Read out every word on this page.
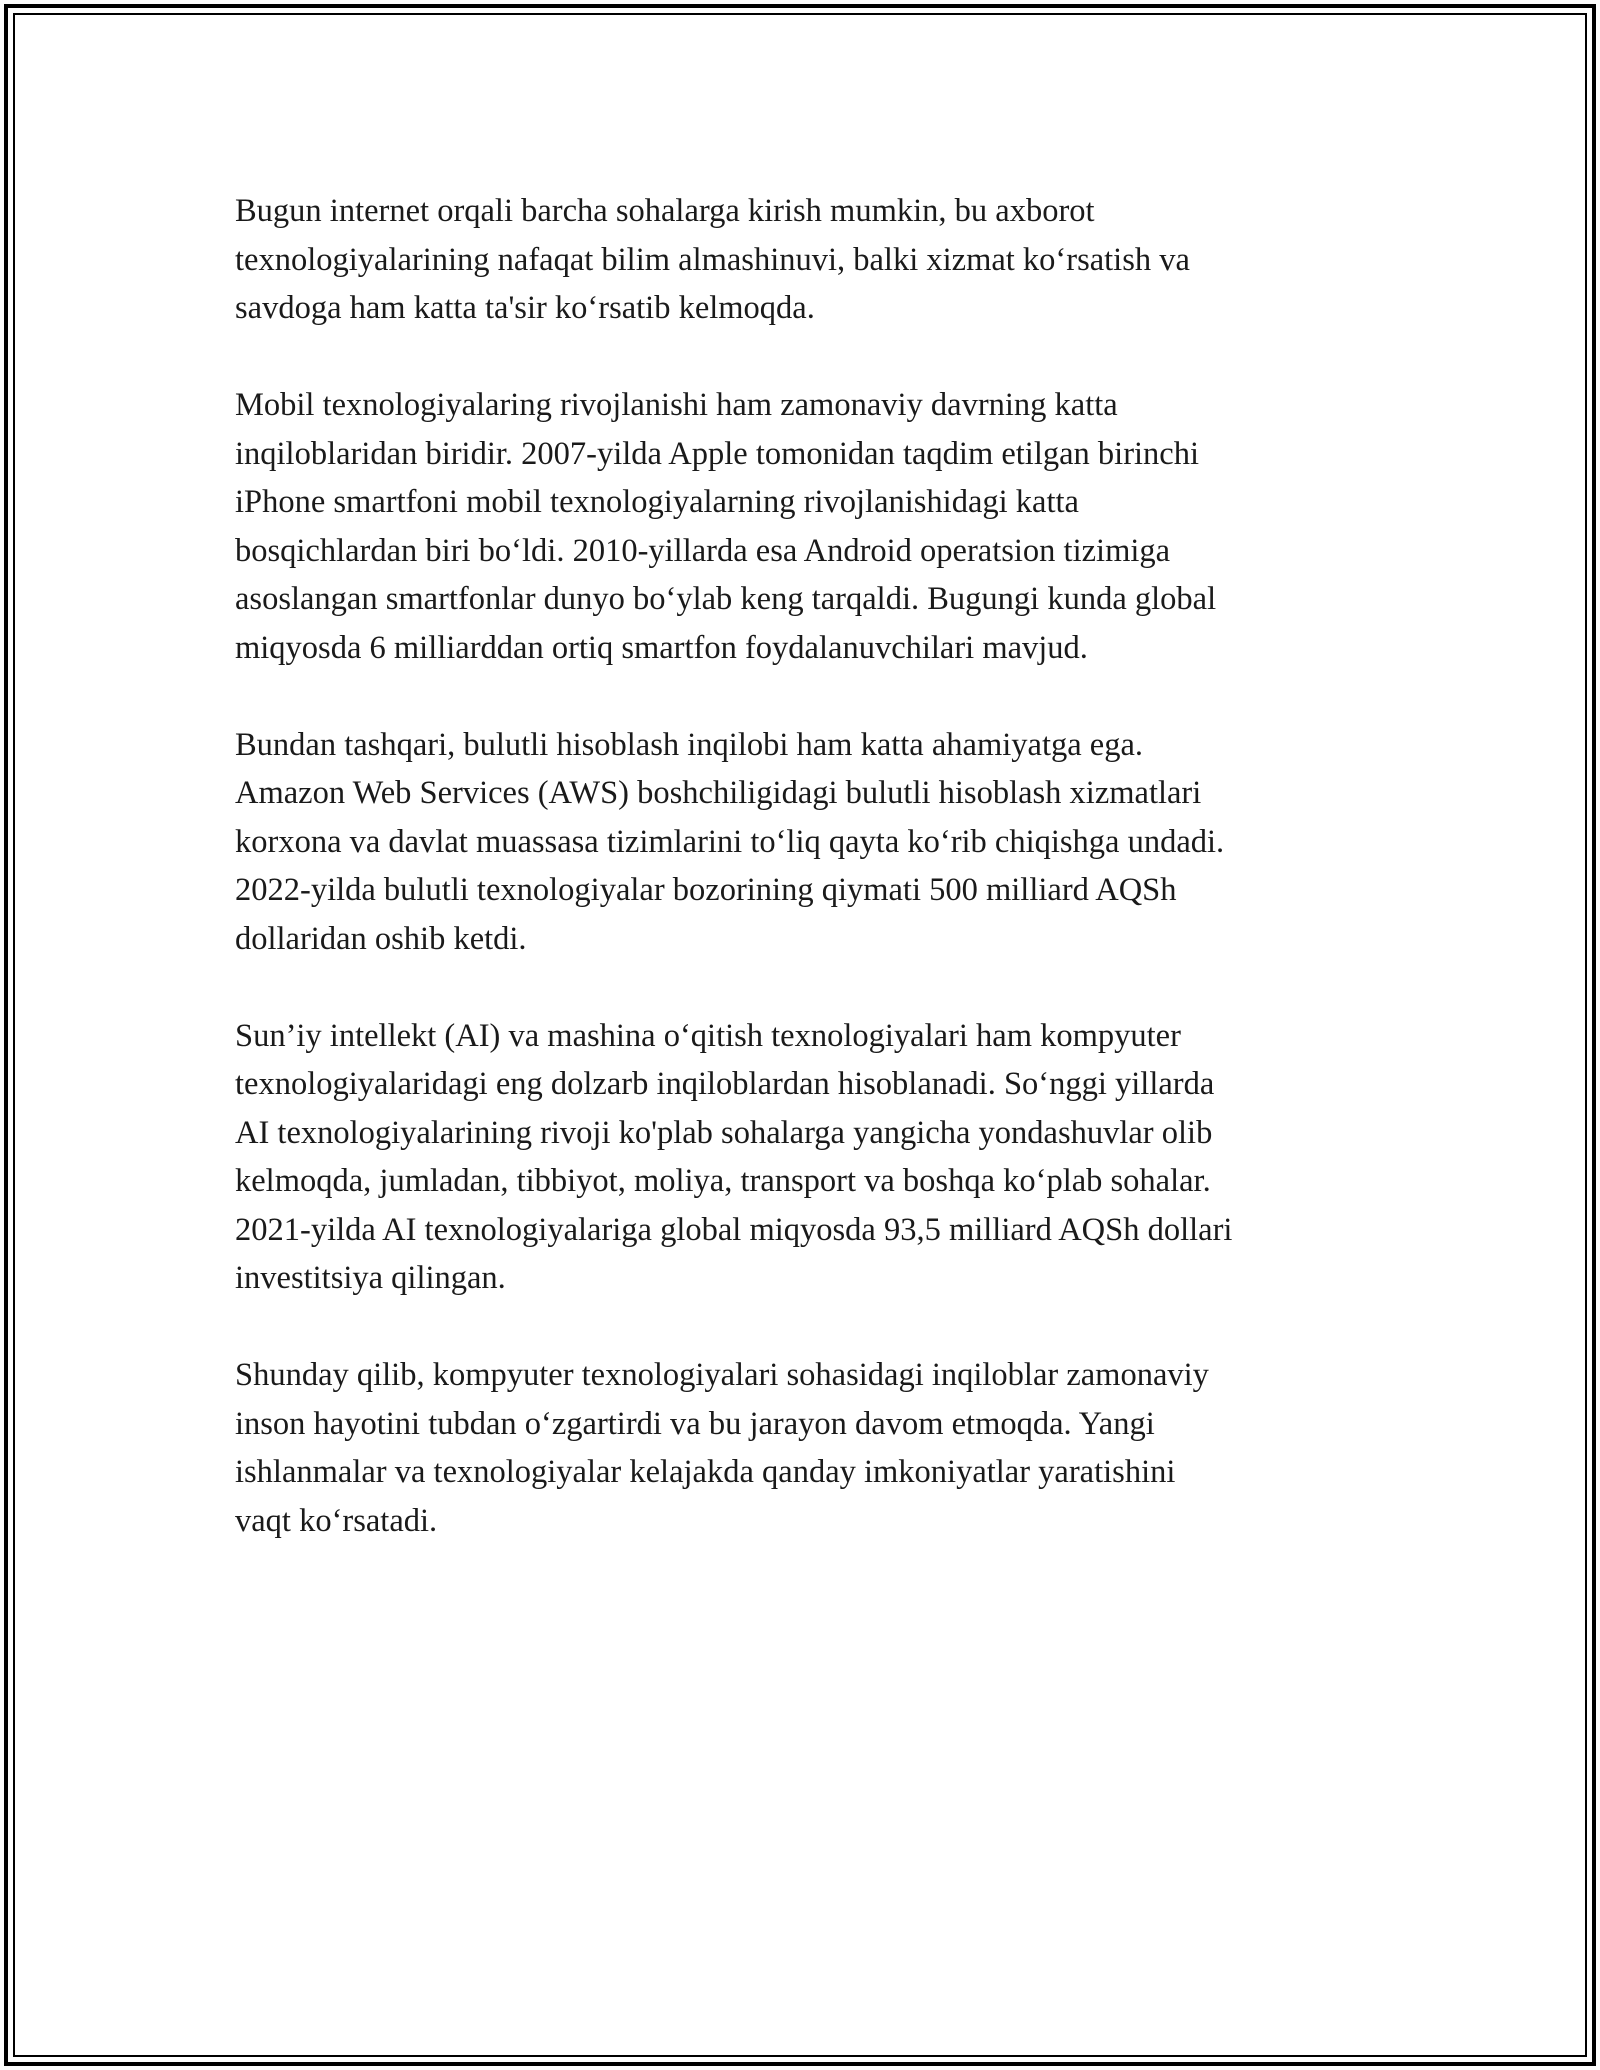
Bugun internet orqali barcha sohalarga kirish mumkin, bu axborot
texnologiyalarining nafaqat bilim almashinuvi, balki xizmat koʻrsatish va
savdoga ham katta ta'sir koʻrsatib kelmoqda.

Mobil texnologiyalaring rivojlanishi ham zamonaviy davrning katta
inqiloblaridan biridir. 2007-yilda Apple tomonidan taqdim etilgan birinchi
iPhone smartfoni mobil texnologiyalarning rivojlanishidagi katta
bosqichlardan biri boʻldi. 2010-yillarda esa Android operatsion tizimiga
asoslangan smartfonlar dunyo boʻylab keng tarqaldi. Bugungi kunda global
miqyosda 6 milliarddan ortiq smartfon foydalanuvchilari mavjud.

Bundan tashqari, bulutli hisoblash inqilobi ham katta ahamiyatga ega.
Amazon Web Services (AWS) boshchiligidagi bulutli hisoblash xizmatlari
korxona va davlat muassasa tizimlarini toʻliq qayta koʻrib chiqishga undadi.
2022-yilda bulutli texnologiyalar bozorining qiymati 500 milliard AQSh
dollaridan oshib ketdi.

Sun’iy intellekt (AI) va mashina oʻqitish texnologiyalari ham kompyuter
texnologiyalaridagi eng dolzarb inqiloblardan hisoblanadi. Soʻnggi yillarda
AI texnologiyalarining rivoji ko'plab sohalarga yangicha yondashuvlar olib
kelmoqda, jumladan, tibbiyot, moliya, transport va boshqa koʻplab sohalar.
2021-yilda AI texnologiyalariga global miqyosda 93,5 milliard AQSh dollari
investitsiya qilingan.

Shunday qilib, kompyuter texnologiyalari sohasidagi inqiloblar zamonaviy
inson hayotini tubdan oʻzgartirdi va bu jarayon davom etmoqda. Yangi
ishlanmalar va texnologiyalar kelajakda qanday imkoniyatlar yaratishini
vaqt koʻrsatadi.
